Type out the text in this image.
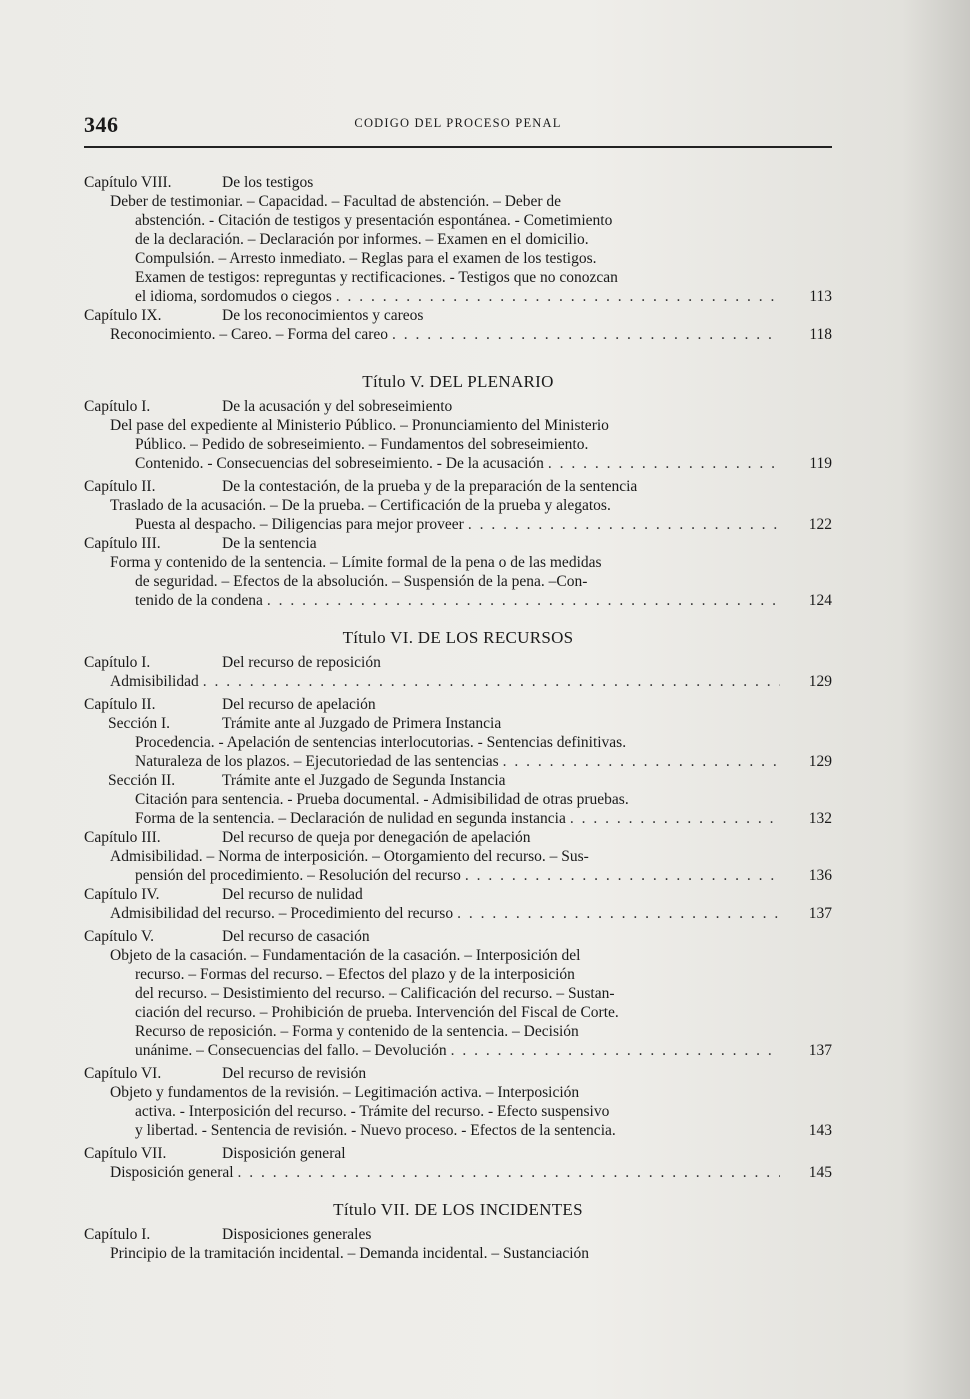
346	CODIGO DEL PROCESO PENAL
Capítulo VIII.	De los testigos
Deber de testimoniar. – Capacidad. – Facultad de abstención. – Deber de
abstención. - Citación de testigos y presentación espontánea. - Cometimiento
de la declaración. – Declaración por informes. – Examen en el domicilio.
Compulsión. – Arresto inmediato. – Reglas para el examen de los testigos.
Examen de testigos: repreguntas y rectificaciones. - Testigos que no conozcan
el idioma, sordomudos o ciegos . . .	113
Capítulo IX.	De los reconocimientos y careos
Reconocimiento. – Careo. – Forma del careo . . .	118
Título V. DEL PLENARIO
Capítulo I.	De la acusación y del sobreseimiento
Del pase del expediente al Ministerio Público. – Pronunciamiento del Ministerio
Público. – Pedido de sobreseimiento. – Fundamentos del sobreseimiento.
Contenido. - Consecuencias del sobreseimiento. - De la acusación . . .	119
Capítulo II.	De la contestación, de la prueba y de la preparación de la sentencia
Traslado de la acusación. – De la prueba. – Certificación de la prueba y alegatos.
Puesta al despacho. – Diligencias para mejor proveer . . .	122
Capítulo III.	De la sentencia
Forma y contenido de la sentencia. – Límite formal de la pena o de las medidas
de seguridad. – Efectos de la absolución. – Suspensión de la pena. –Con-
tenido de la condena . . .	124
Título VI. DE LOS RECURSOS
Capítulo I.	Del recurso de reposición
Admisibilidad . . .	129
Capítulo II.	Del recurso de apelación
Sección I.	Trámite ante al Juzgado de Primera Instancia
Procedencia. - Apelación de sentencias interlocutorias. - Sentencias definitivas.
Naturaleza de los plazos. – Ejecutoriedad de las sentencias . . .	129
Sección II.	Trámite ante el Juzgado de Segunda Instancia
Citación para sentencia. - Prueba documental. - Admisibilidad de otras pruebas.
Forma de la sentencia. – Declaración de nulidad en segunda instancia . . .	132
Capítulo III.	Del recurso de queja por denegación de apelación
Admisibilidad. – Norma de interposición. – Otorgamiento del recurso. – Sus-
pensión del procedimiento. – Resolución del recurso . . .	136
Capítulo IV.	Del recurso de nulidad
Admisibilidad del recurso. – Procedimiento del recurso . . .	137
Capítulo V.	Del recurso de casación
Objeto de la casación. – Fundamentación de la casación. – Interposición del
recurso. – Formas del recurso. – Efectos del plazo y de la interposición
del recurso. – Desistimiento del recurso. – Calificación del recurso. – Sustan-
ciación del recurso. – Prohibición de prueba. Intervención del Fiscal de Corte.
Recurso de reposición. – Forma y contenido de la sentencia. – Decisión
unánime. – Consecuencias del fallo. – Devolución . . .	137
Capítulo VI.	Del recurso de revisión
Objeto y fundamentos de la revisión. – Legitimación activa. – Interposición
activa. - Interposición del recurso. - Trámite del recurso. - Efecto suspensivo
y libertad. - Sentencia de revisión. - Nuevo proceso. - Efectos de la sentencia.	143
Capítulo VII.	Disposición general
Disposición general . . .	145
Título VII. DE LOS INCIDENTES
Capítulo I.	Disposiciones generales
Principio de la tramitación incidental. – Demanda incidental. – Sustanciación
